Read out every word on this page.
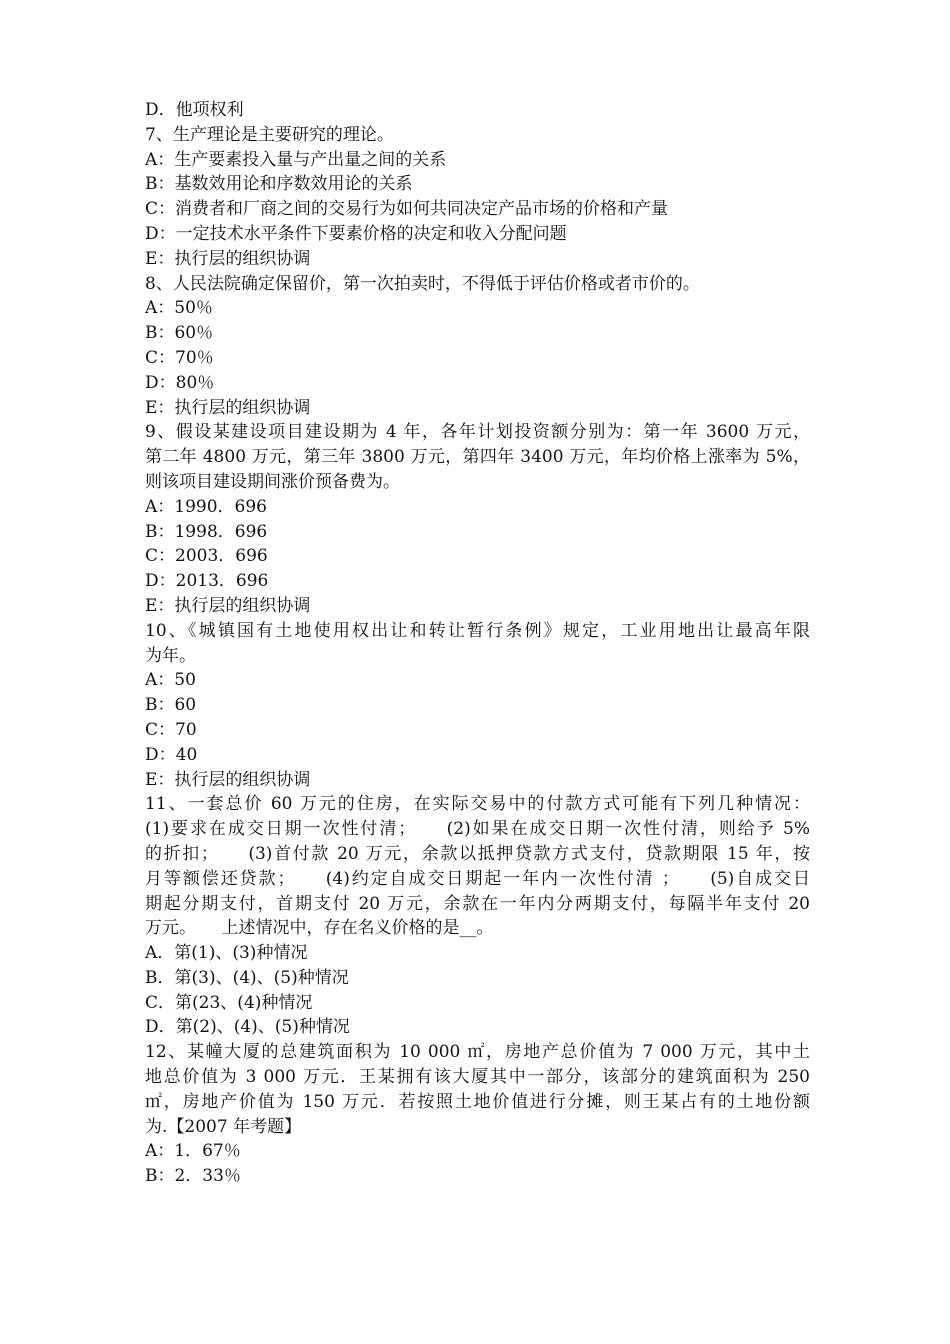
D．他项权利
7、生产理论是主要研究的理论。
A：生产要素投入量与产出量之间的关系
B：基数效用论和序数效用论的关系
C：消费者和厂商之间的交易行为如何共同决定产品市场的价格和产量
D：一定技术水平条件下要素价格的决定和收入分配问题
E：执行层的组织协调
8、人民法院确定保留价，第一次拍卖时，不得低于评估价格或者市价的。
A：50％
B：60％
C：70％
D：80％
E：执行层的组织协调
9、假设某建设项目建设期为 4 年，各年计划投资额分别为：第一年 3600 万元，
第二年 4800 万元，第三年 3800 万元，第四年 3400 万元，年均价格上涨率为 5%，
则该项目建设期间涨价预备费为。
A：1990．696
B：1998．696
C：2003．696
D：2013．696
E：执行层的组织协调
10、《城镇国有土地使用权出让和转让暂行条例》规定，工业用地出让最高年限
为年。
A：50
B：60
C：70
D：40
E：执行层的组织协调
11、一套总价 60 万元的住房，在实际交易中的付款方式可能有下列几种情况：
(1)要求在成交日期一次性付清；　　(2)如果在成交日期一次性付清，则给予 5%
的折扣；　　(3)首付款 20 万元，余款以抵押贷款方式支付，贷款期限 15 年，按
月等额偿还贷款；　　(4)约定自成交日期起一年内一次性付清 ；　　(5)自成交日
期起分期支付，首期支付 20 万元，余款在一年内分两期支付，每隔半年支付 20
万元。　　上述情况中，存在名义价格的是__。
A．第(1)、(3)种情况
B．第(3)、(4)、(5)种情况
C．第(23、(4)种情况
D．第(2)、(4)、(5)种情况
12、某幢大厦的总建筑面积为 10 000 ㎡，房地产总价值为 7 000 万元，其中土
地总价值为 3 000 万元．王某拥有该大厦其中一部分，该部分的建筑面积为 250
㎡，房地产价值为 150 万元．若按照土地价值进行分摊，则王某占有的土地份额
为.【2007 年考题】
A：1．67％
B：2．33％
